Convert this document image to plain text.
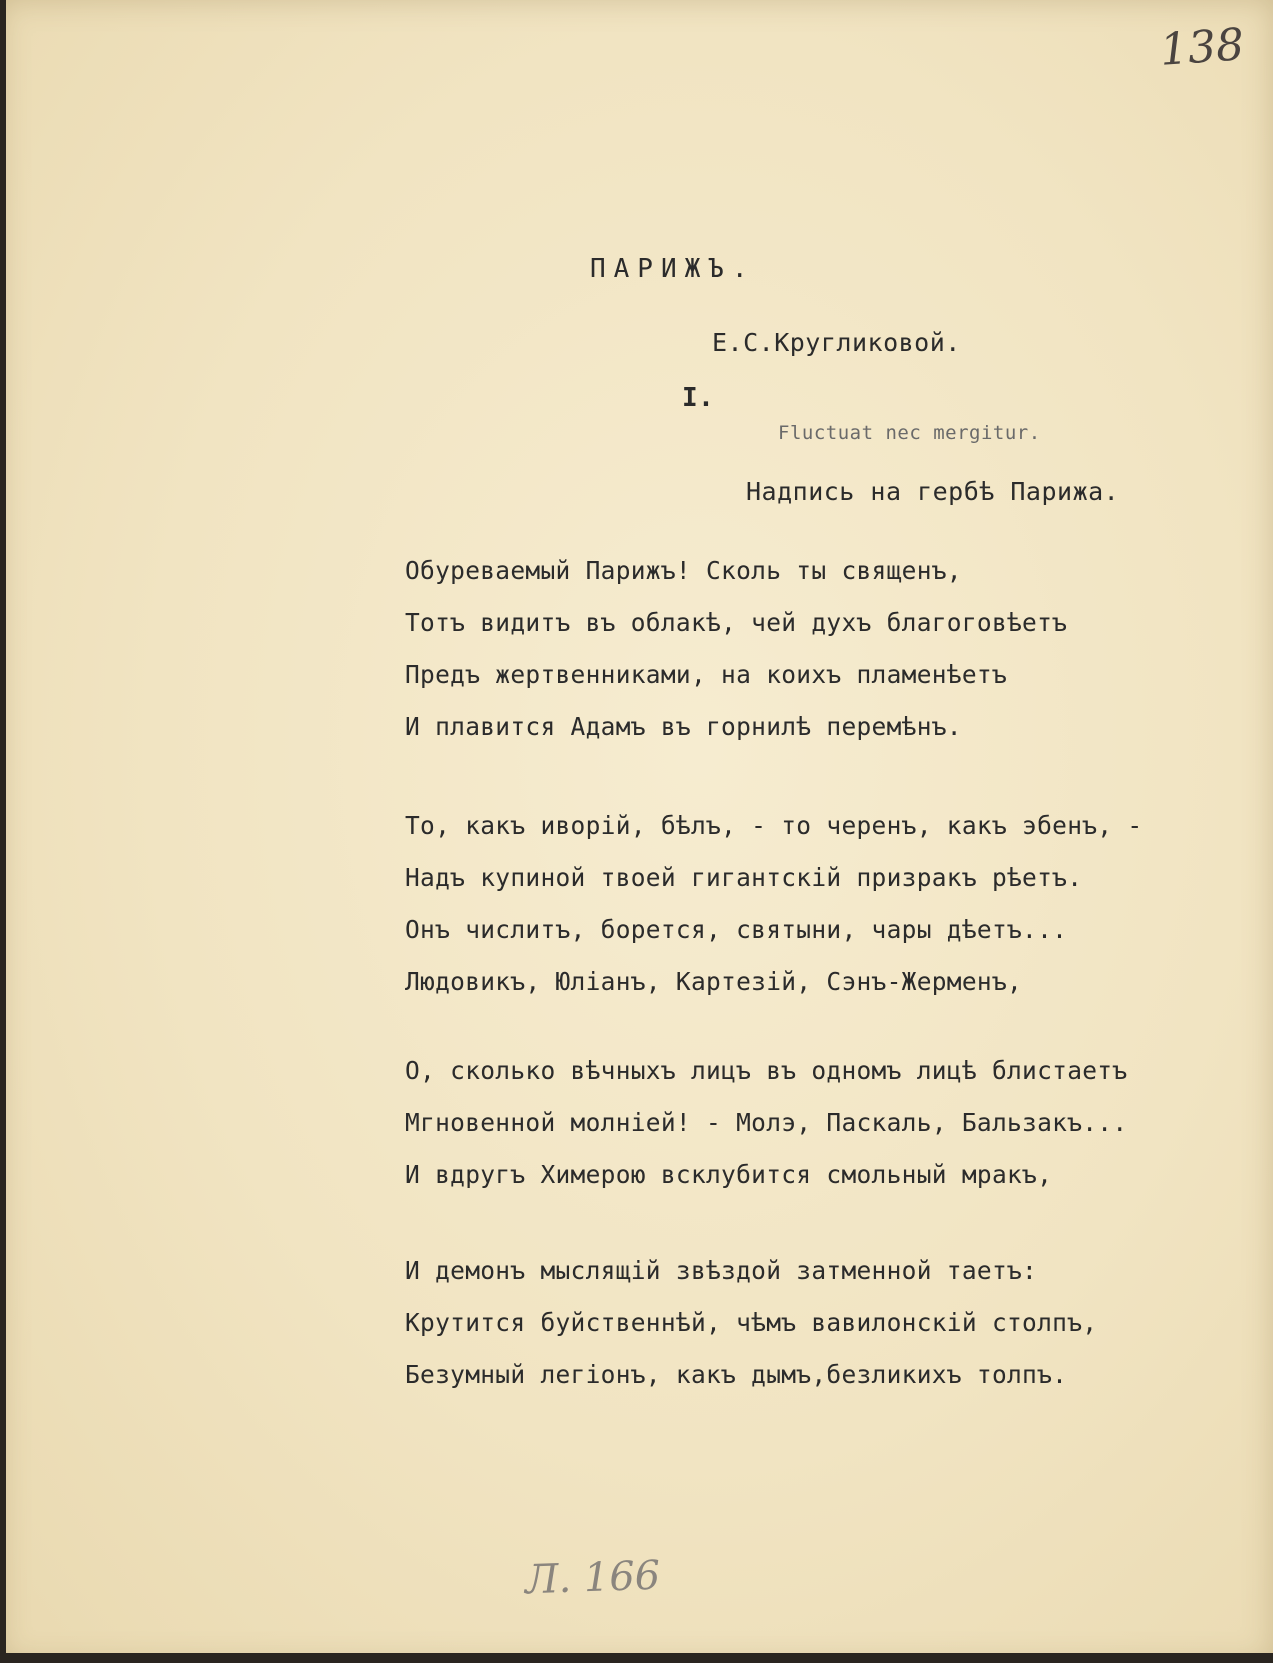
138
ПАРИЖЪ.
Е.С.Кругликовой.
I.
Fluctuat nec mergitur.
Надпись на гербѣ Парижа.
Обуреваемый Парижъ! Сколь ты священъ,
Тотъ видитъ въ облакѣ, чей духъ благоговѣетъ
Предъ жертвенниками, на коихъ пламенѣетъ
И плавится Адамъ въ горнилѣ перемѣнъ.
То, какъ иворій, бѣлъ, - то черенъ, какъ эбенъ, -
Надъ купиной твоей гигантскій призракъ рѣетъ.
Онъ числитъ, борется, святыни, чары дѣетъ...
Людовикъ, Юліанъ, Картезій, Сэнъ-Жерменъ,
О, сколько вѣчныхъ лицъ въ одномъ лицѣ блистаетъ
Мгновенной молніей! - Молэ, Паскаль, Бальзакъ...
И вдругъ Химерою всклубится смольный мракъ,
И демонъ мыслящій звѣздой затменной таетъ:
Крутится буйственнѣй, чѣмъ вавилонскій столпъ,
Безумный легіонъ, какъ дымъ,безликихъ толпъ.
Л. 166
